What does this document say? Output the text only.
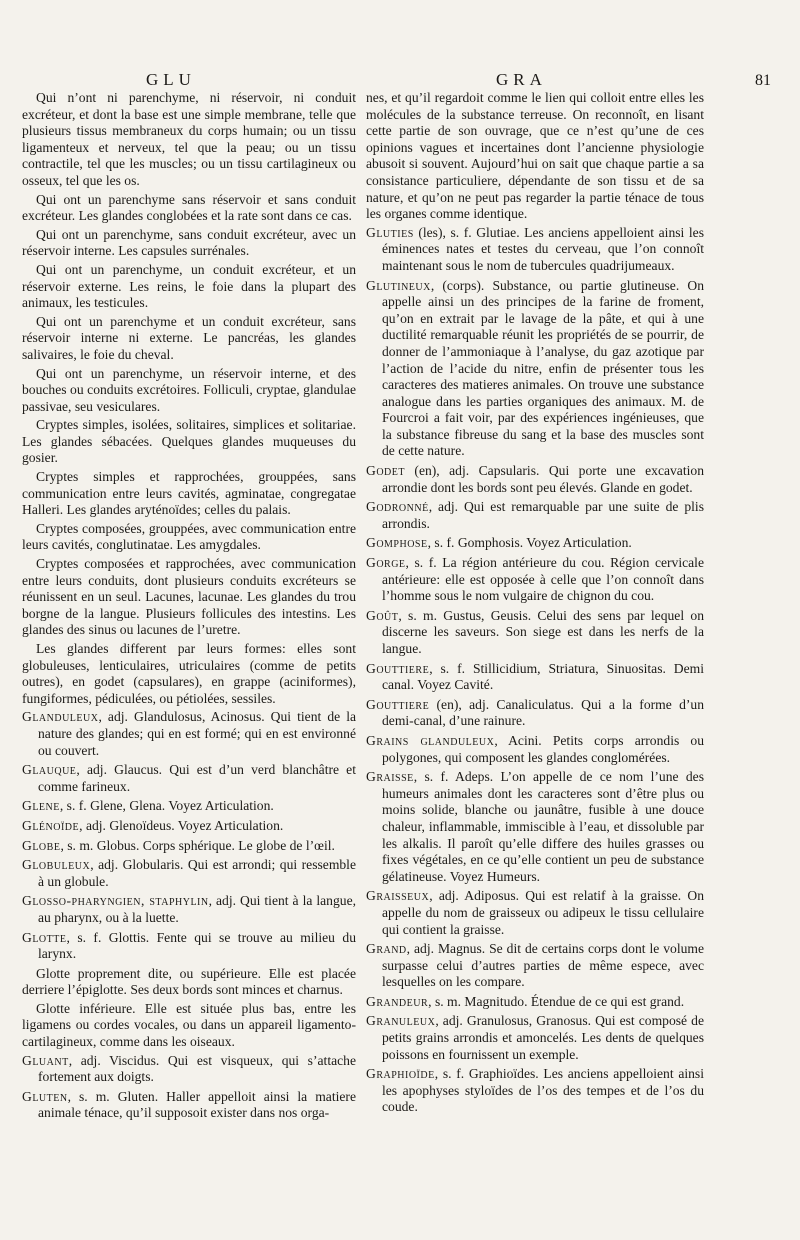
GLU	GRA	81

Qui n’ont ni parenchyme, ni réservoir, ni conduit excréteur, et dont la base est une simple membrane, telle que plusieurs tissus membraneux du corps humain; ou un tissu ligamenteux et nerveux, tel que la peau; ou un tissu contractile, tel que les muscles; ou un tissu cartilagineux ou osseux, tel que les os.

Qui ont un parenchyme sans réservoir et sans conduit excréteur. Les glandes conglobées et la rate sont dans ce cas.

Qui ont un parenchyme, sans conduit excréteur, avec un réservoir interne. Les capsules surrénales.

Qui ont un parenchyme, un conduit excréteur, et un réservoir externe. Les reins, le foie dans la plupart des animaux, les testicules.

Qui ont un parenchyme et un conduit excréteur, sans réservoir interne ni externe. Le pancréas, les glandes salivaires, le foie du cheval.

Qui ont un parenchyme, un réservoir interne, et des bouches ou conduits excrétoires. Folliculi, cryptae, glandulae passivae, seu vesiculares.

Cryptes simples, isolées, solitaires, simplices et solitariae. Les glandes sébacées. Quelques glandes muqueuses du gosier.

Cryptes simples et rapprochées, grouppées, sans communication entre leurs cavités, agminatae, congregatae Halleri. Les glandes aryténoïdes; celles du palais.

Cryptes composées, grouppées, avec communication entre leurs cavités, conglutinatae. Les amygdales.

Cryptes composées et rapprochées, avec communication entre leurs conduits, dont plusieurs conduits excréteurs se réunissent en un seul. Lacunes, lacunae. Les glandes du trou borgne de la langue. Plusieurs follicules des intestins. Les glandes des sinus ou lacunes de l’uretre.

Les glandes different par leurs formes: elles sont globuleuses, lenticulaires, utriculaires (comme de petits outres), en godet (capsulares), en grappe (aciniformes), fungiformes, pédiculées, ou pétiolées, sessiles.

Glanduleux, adj. Glandulosus, Acinosus. Qui tient de la nature des glandes; qui en est formé; qui en est environné ou couvert.

Glauque, adj. Glaucus. Qui est d’un verd blanchâtre et comme farineux.

Glene, s. f. Glene, Glena. Voyez Articulation.

Glénoïde, adj. Glenoïdeus. Voyez Articulation.

Globe, s. m. Globus. Corps sphérique. Le globe de l’œil.

Globuleux, adj. Globularis. Qui est arrondi; qui ressemble à un globule.

Glosso-pharyngien, staphylin, adj. Qui tient à la langue, au pharynx, ou à la luette.

Glotte, s. f. Glottis. Fente qui se trouve au milieu du larynx.

Glotte proprement dite, ou supérieure. Elle est placée derriere l’épiglotte. Ses deux bords sont minces et charnus.

Glotte inférieure. Elle est située plus bas, entre les ligamens ou cordes vocales, ou dans un appareil ligamento-cartilagineux, comme dans les oiseaux.

Gluant, adj. Viscidus. Qui est visqueux, qui s’attache fortement aux doigts.

Gluten, s. m. Gluten. Haller appelloit ainsi la matiere animale ténace, qu’il supposoit exister dans nos orga-

nes, et qu’il regardoit comme le lien qui colloit entre elles les molécules de la substance terreuse. On reconnoît, en lisant cette partie de son ouvrage, que ce n’est qu’une de ces opinions vagues et incertaines dont l’ancienne physiologie abusoit si souvent. Aujourd’hui on sait que chaque partie a sa consistance particuliere, dépendante de son tissu et de sa nature, et qu’on ne peut pas regarder la partie ténace de tous les organes comme identique.

Gluties (les), s. f. Glutiae. Les anciens appelloient ainsi les éminences nates et testes du cerveau, que l’on connoît maintenant sous le nom de tubercules quadrijumeaux.

Glutineux, (corps). Substance, ou partie glutineuse. On appelle ainsi un des principes de la farine de froment, qu’on en extrait par le lavage de la pâte, et qui à une ductilité remarquable réunit les propriétés de se pourrir, de donner de l’ammoniaque à l’analyse, du gaz azotique par l’action de l’acide du nitre, enfin de présenter tous les caracteres des matieres animales. On trouve une substance analogue dans les parties organiques des animaux. M. de Fourcroi a fait voir, par des expériences ingénieuses, que la substance fibreuse du sang et la base des muscles sont de cette nature.

Godet (en), adj. Capsularis. Qui porte une excavation arrondie dont les bords sont peu élevés. Glande en godet.

Godronné, adj. Qui est remarquable par une suite de plis arrondis.

Gomphose, s. f. Gomphosis. Voyez Articulation.

Gorge, s. f. La région antérieure du cou. Région cervicale antérieure: elle est opposée à celle que l’on connoît dans l’homme sous le nom vulgaire de chignon du cou.

Goût, s. m. Gustus, Geusis. Celui des sens par lequel on discerne les saveurs. Son siege est dans les nerfs de la langue.

Gouttiere, s. f. Stillicidium, Striatura, Sinuositas. Demi canal. Voyez Cavité.

Gouttiere (en), adj. Canaliculatus. Qui a la forme d’un demi-canal, d’une rainure.

Grains glanduleux, Acini. Petits corps arrondis ou polygones, qui composent les glandes conglomérées.

Graisse, s. f. Adeps. L’on appelle de ce nom l’une des humeurs animales dont les caracteres sont d’être plus ou moins solide, blanche ou jaunâtre, fusible à une douce chaleur, inflammable, immiscible à l’eau, et dissoluble par les alkalis. Il paroît qu’elle differe des huiles grasses ou fixes végétales, en ce qu’elle contient un peu de substance gélatineuse. Voyez Humeurs.

Graisseux, adj. Adiposus. Qui est relatif à la graisse. On appelle du nom de graisseux ou adipeux le tissu cellulaire qui contient la graisse.

Grand, adj. Magnus. Se dit de certains corps dont le volume surpasse celui d’autres parties de même espece, avec lesquelles on les compare.

Grandeur, s. m. Magnitudo. Étendue de ce qui est grand.

Granuleux, adj. Granulosus, Granosus. Qui est composé de petits grains arrondis et amoncelés. Les dents de quelques poissons en fournissent un exemple.

Graphioïde, s. f. Graphioïdes. Les anciens appelloient ainsi les apophyses styloïdes de l’os des tempes et de l’os du coude.
